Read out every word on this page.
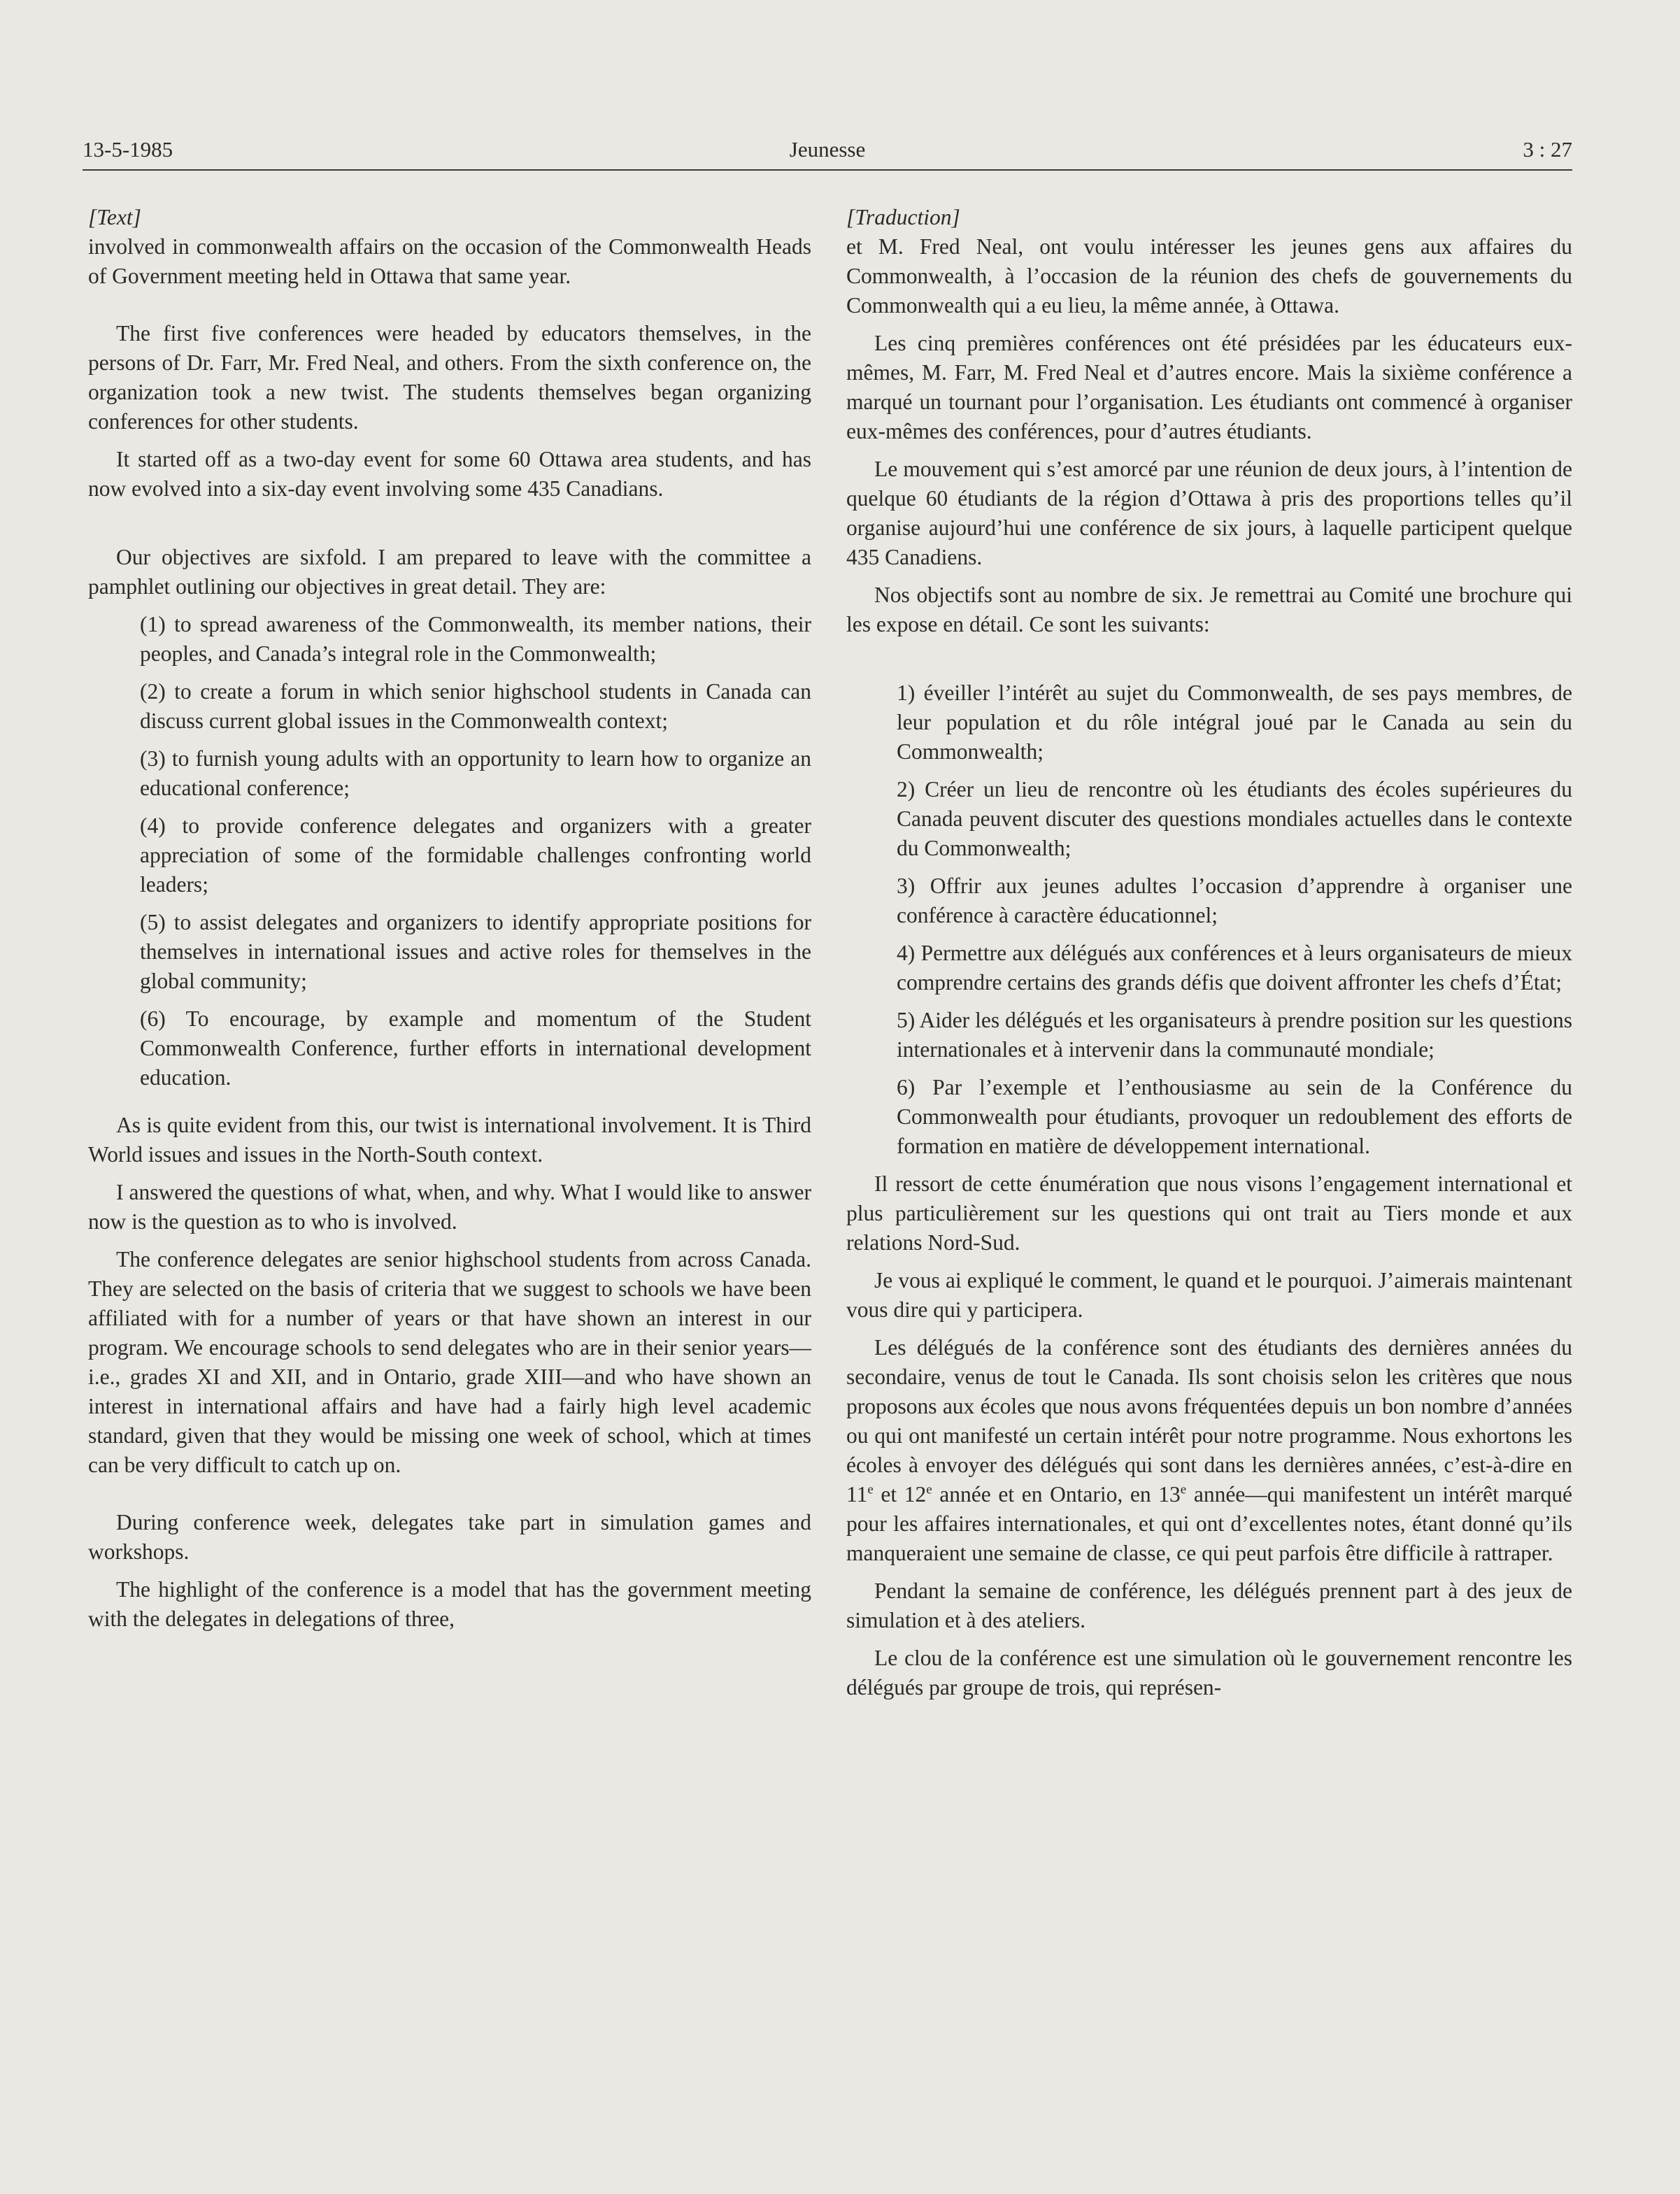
13-5-1985	Jeunesse	3 : 27

[Text]

involved in commonwealth affairs on the occasion of the Commonwealth Heads of Government meeting held in Ottawa that same year.

The first five conferences were headed by educators themselves, in the persons of Dr. Farr, Mr. Fred Neal, and others. From the sixth conference on, the organization took a new twist. The students themselves began organizing conferences for other students.

It started off as a two-day event for some 60 Ottawa area students, and has now evolved into a six-day event involving some 435 Canadians.

Our objectives are sixfold. I am prepared to leave with the committee a pamphlet outlining our objectives in great detail. They are:

(1) to spread awareness of the Commonwealth, its member nations, their peoples, and Canada’s integral role in the Commonwealth;

(2) to create a forum in which senior highschool students in Canada can discuss current global issues in the Commonwealth context;

(3) to furnish young adults with an opportunity to learn how to organize an educational conference;

(4) to provide conference delegates and organizers with a greater appreciation of some of the formidable challenges confronting world leaders;

(5) to assist delegates and organizers to identify appropriate positions for themselves in international issues and active roles for themselves in the global community;

(6) To encourage, by example and momentum of the Student Commonwealth Conference, further efforts in international development education.

As is quite evident from this, our twist is international involvement. It is Third World issues and issues in the North-South context.

I answered the questions of what, when, and why. What I would like to answer now is the question as to who is involved.

The conference delegates are senior highschool students from across Canada. They are selected on the basis of criteria that we suggest to schools we have been affiliated with for a number of years or that have shown an interest in our program. We encourage schools to send delegates who are in their senior years—i.e., grades XI and XII, and in Ontario, grade XIII—and who have shown an interest in international affairs and have had a fairly high level academic standard, given that they would be missing one week of school, which at times can be very difficult to catch up on.

During conference week, delegates take part in simulation games and workshops.

The highlight of the conference is a model that has the government meeting with the delegates in delegations of three,

[Traduction]

et M. Fred Neal, ont voulu intéresser les jeunes gens aux affaires du Commonwealth, à l’occasion de la réunion des chefs de gouvernements du Commonwealth qui a eu lieu, la même année, à Ottawa.

Les cinq premières conférences ont été présidées par les éducateurs eux-mêmes, M. Farr, M. Fred Neal et d’autres encore. Mais la sixième conférence a marqué un tournant pour l’organisation. Les étudiants ont commencé à organiser eux-mêmes des conférences, pour d’autres étudiants.

Le mouvement qui s’est amorcé par une réunion de deux jours, à l’intention de quelque 60 étudiants de la région d’Ottawa à pris des proportions telles qu’il organise aujourd’hui une conférence de six jours, à laquelle participent quelque 435 Canadiens.

Nos objectifs sont au nombre de six. Je remettrai au Comité une brochure qui les expose en détail. Ce sont les suivants:

1) éveiller l’intérêt au sujet du Commonwealth, de ses pays membres, de leur population et du rôle intégral joué par le Canada au sein du Commonwealth;

2) Créer un lieu de rencontre où les étudiants des écoles supérieures du Canada peuvent discuter des questions mondiales actuelles dans le contexte du Commonwealth;

3) Offrir aux jeunes adultes l’occasion d’apprendre à organiser une conférence à caractère éducationnel;

4) Permettre aux délégués aux conférences et à leurs organisateurs de mieux comprendre certains des grands défis que doivent affronter les chefs d’État;

5) Aider les délégués et les organisateurs à prendre position sur les questions internationales et à intervenir dans la communauté mondiale;

6) Par l’exemple et l’enthousiasme au sein de la Conférence du Commonwealth pour étudiants, provoquer un redoublement des efforts de formation en matière de développement international.

Il ressort de cette énumération que nous visons l’engagement international et plus particulièrement sur les questions qui ont trait au Tiers monde et aux relations Nord-Sud.

Je vous ai expliqué le comment, le quand et le pourquoi. J’aimerais maintenant vous dire qui y participera.

Les délégués de la conférence sont des étudiants des dernières années du secondaire, venus de tout le Canada. Ils sont choisis selon les critères que nous proposons aux écoles que nous avons fréquentées depuis un bon nombre d’années ou qui ont manifesté un certain intérêt pour notre programme. Nous exhortons les écoles à envoyer des délégués qui sont dans les dernières années, c’est-à-dire en 11e et 12e année et en Ontario, en 13e année—qui manifestent un intérêt marqué pour les affaires internationales, et qui ont d’excellentes notes, étant donné qu’ils manqueraient une semaine de classe, ce qui peut parfois être difficile à rattraper.

Pendant la semaine de conférence, les délégués prennent part à des jeux de simulation et à des ateliers.

Le clou de la conférence est une simulation où le gouvernement rencontre les délégués par groupe de trois, qui représen-
